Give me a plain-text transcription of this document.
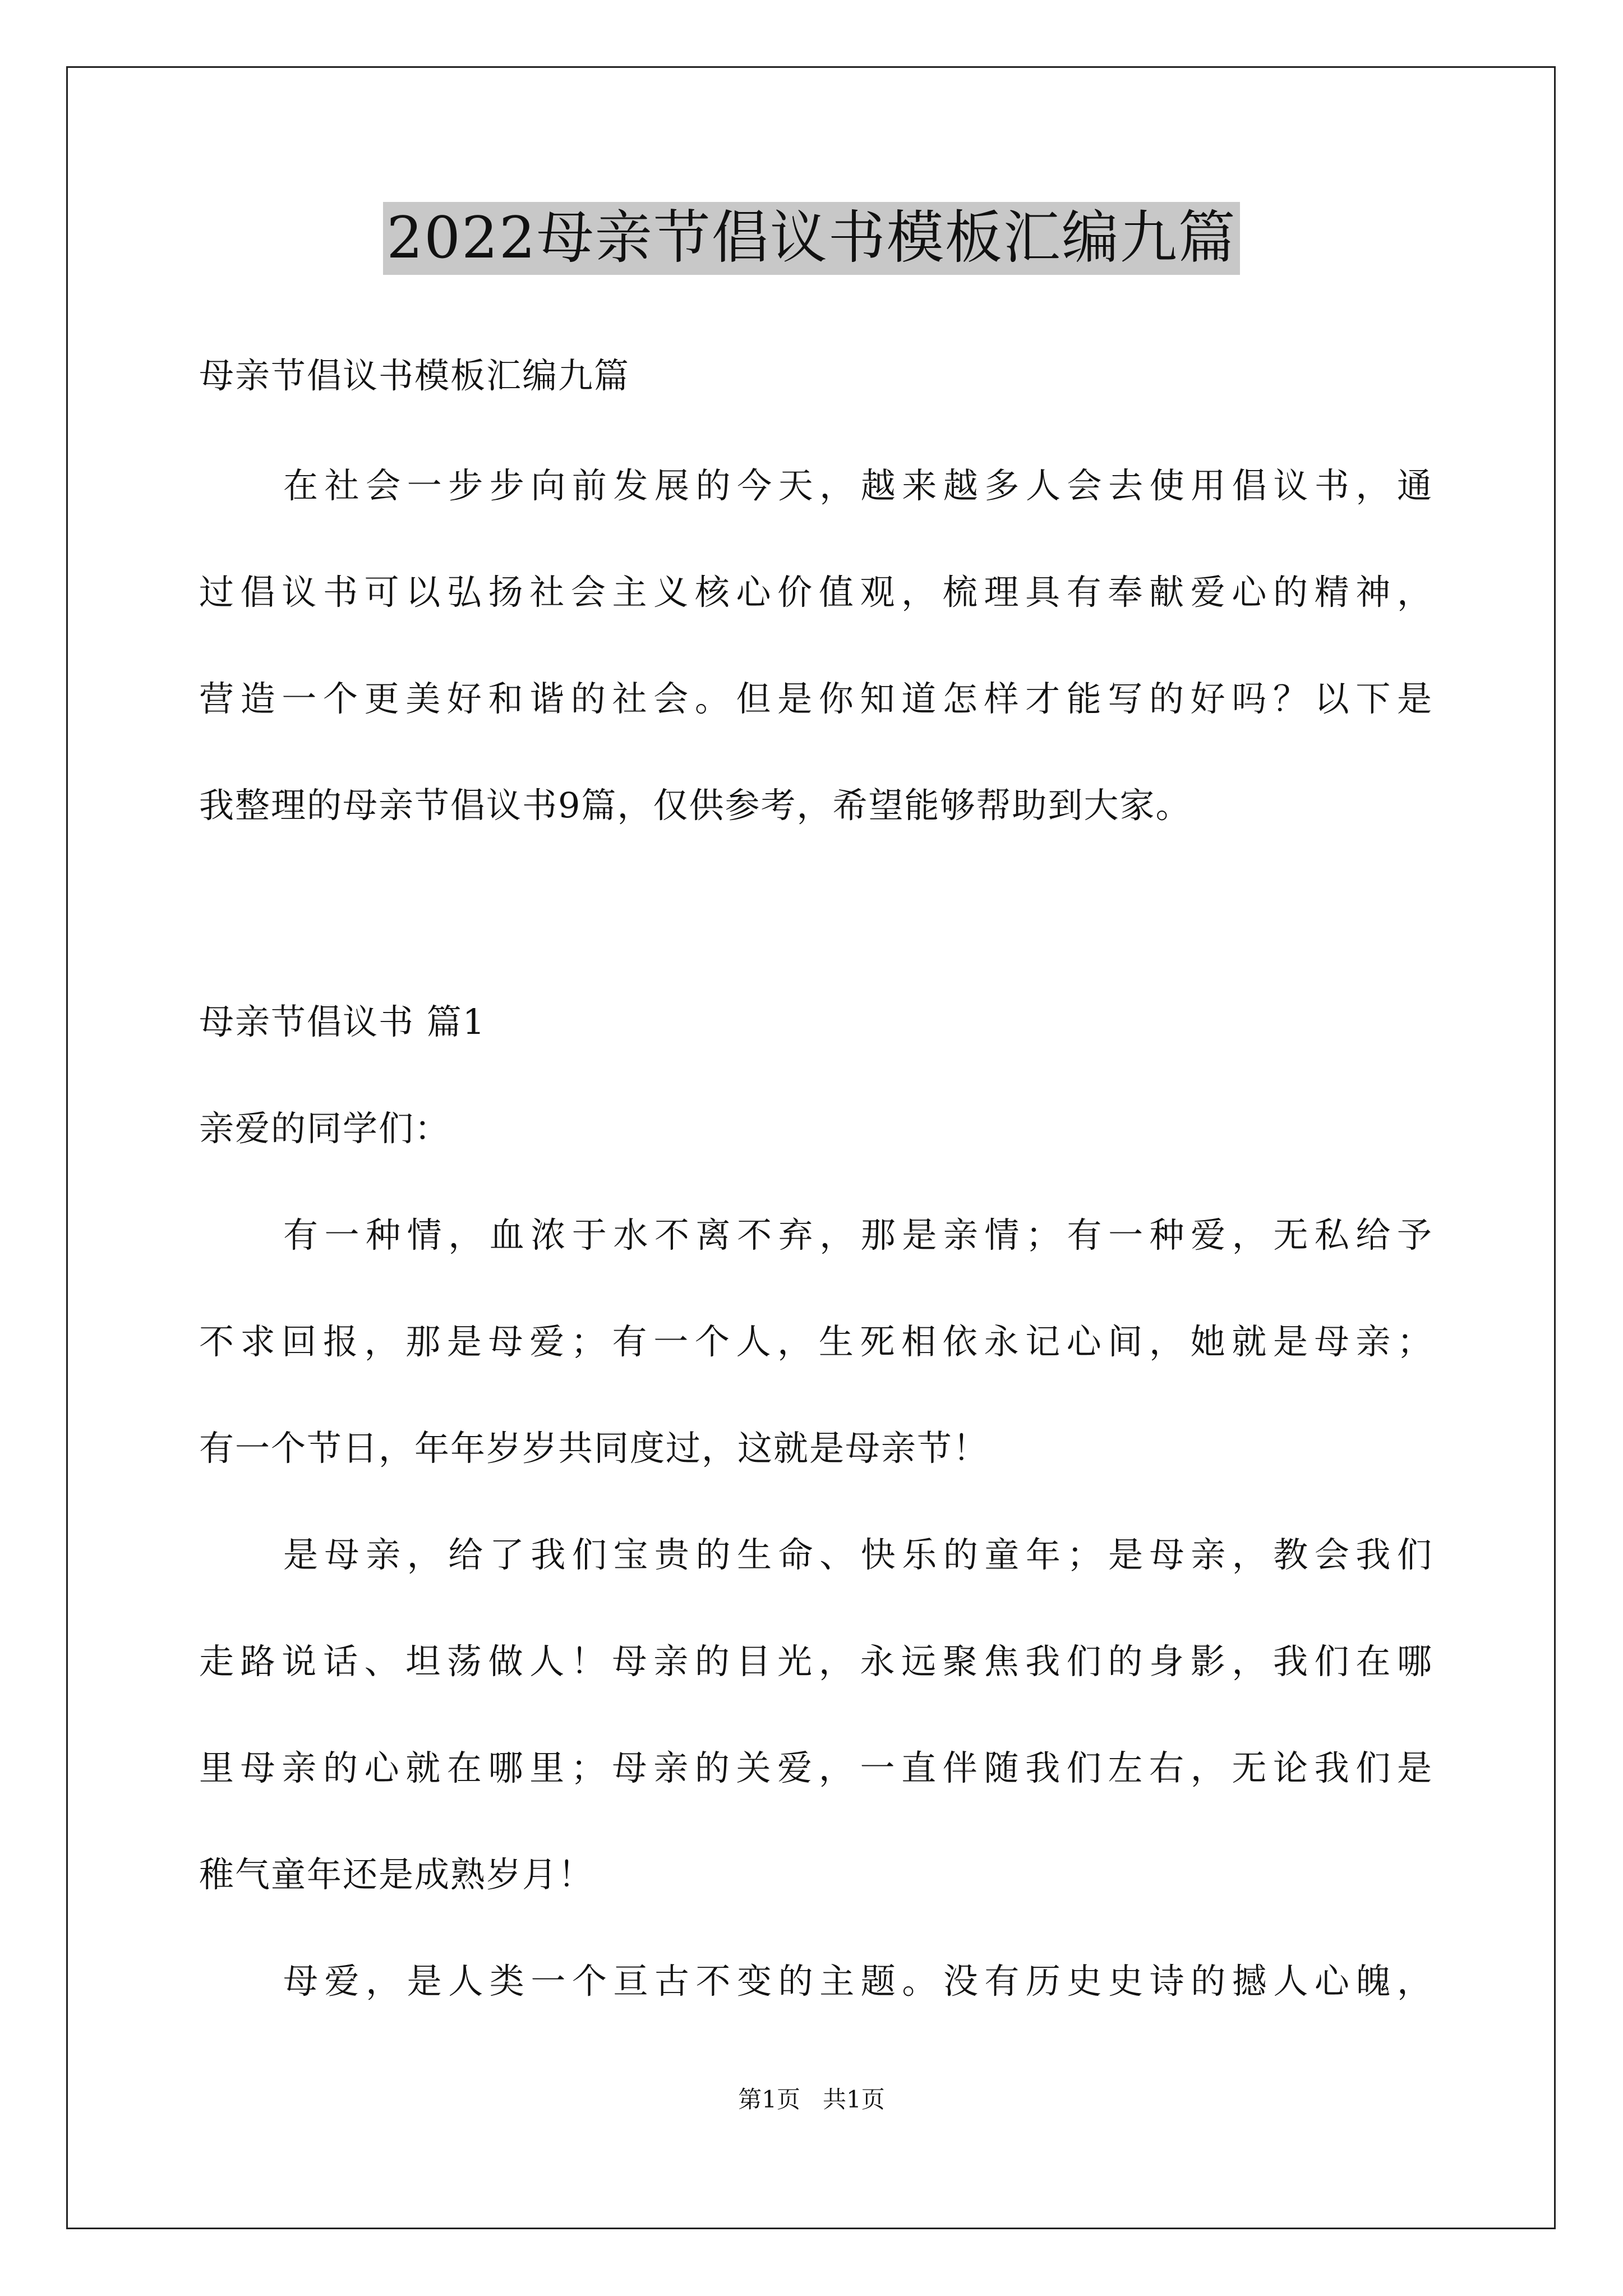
2022母亲节倡议书模板汇编九篇
母亲节倡议书模板汇编九篇
在社会一步步向前发展的今天，越来越多人会去使用倡议书，通
过倡议书可以弘扬社会主义核心价值观，梳理具有奉献爱心的精神，
营造一个更美好和谐的社会。但是你知道怎样才能写的好吗？以下是
我整理的母亲节倡议书9篇，仅供参考，希望能够帮助到大家。
母亲节倡议书 篇1
亲爱的同学们：
有一种情，血浓于水不离不弃，那是亲情；有一种爱，无私给予
不求回报，那是母爱；有一个人，生死相依永记心间，她就是母亲；
有一个节日，年年岁岁共同度过，这就是母亲节！
是母亲，给了我们宝贵的生命、快乐的童年；是母亲，教会我们
走路说话、坦荡做人！母亲的目光，永远聚焦我们的身影，我们在哪
里母亲的心就在哪里；母亲的关爱，一直伴随我们左右，无论我们是
稚气童年还是成熟岁月！
母爱，是人类一个亘古不变的主题。没有历史史诗的撼人心魄，
第1页   共1页
